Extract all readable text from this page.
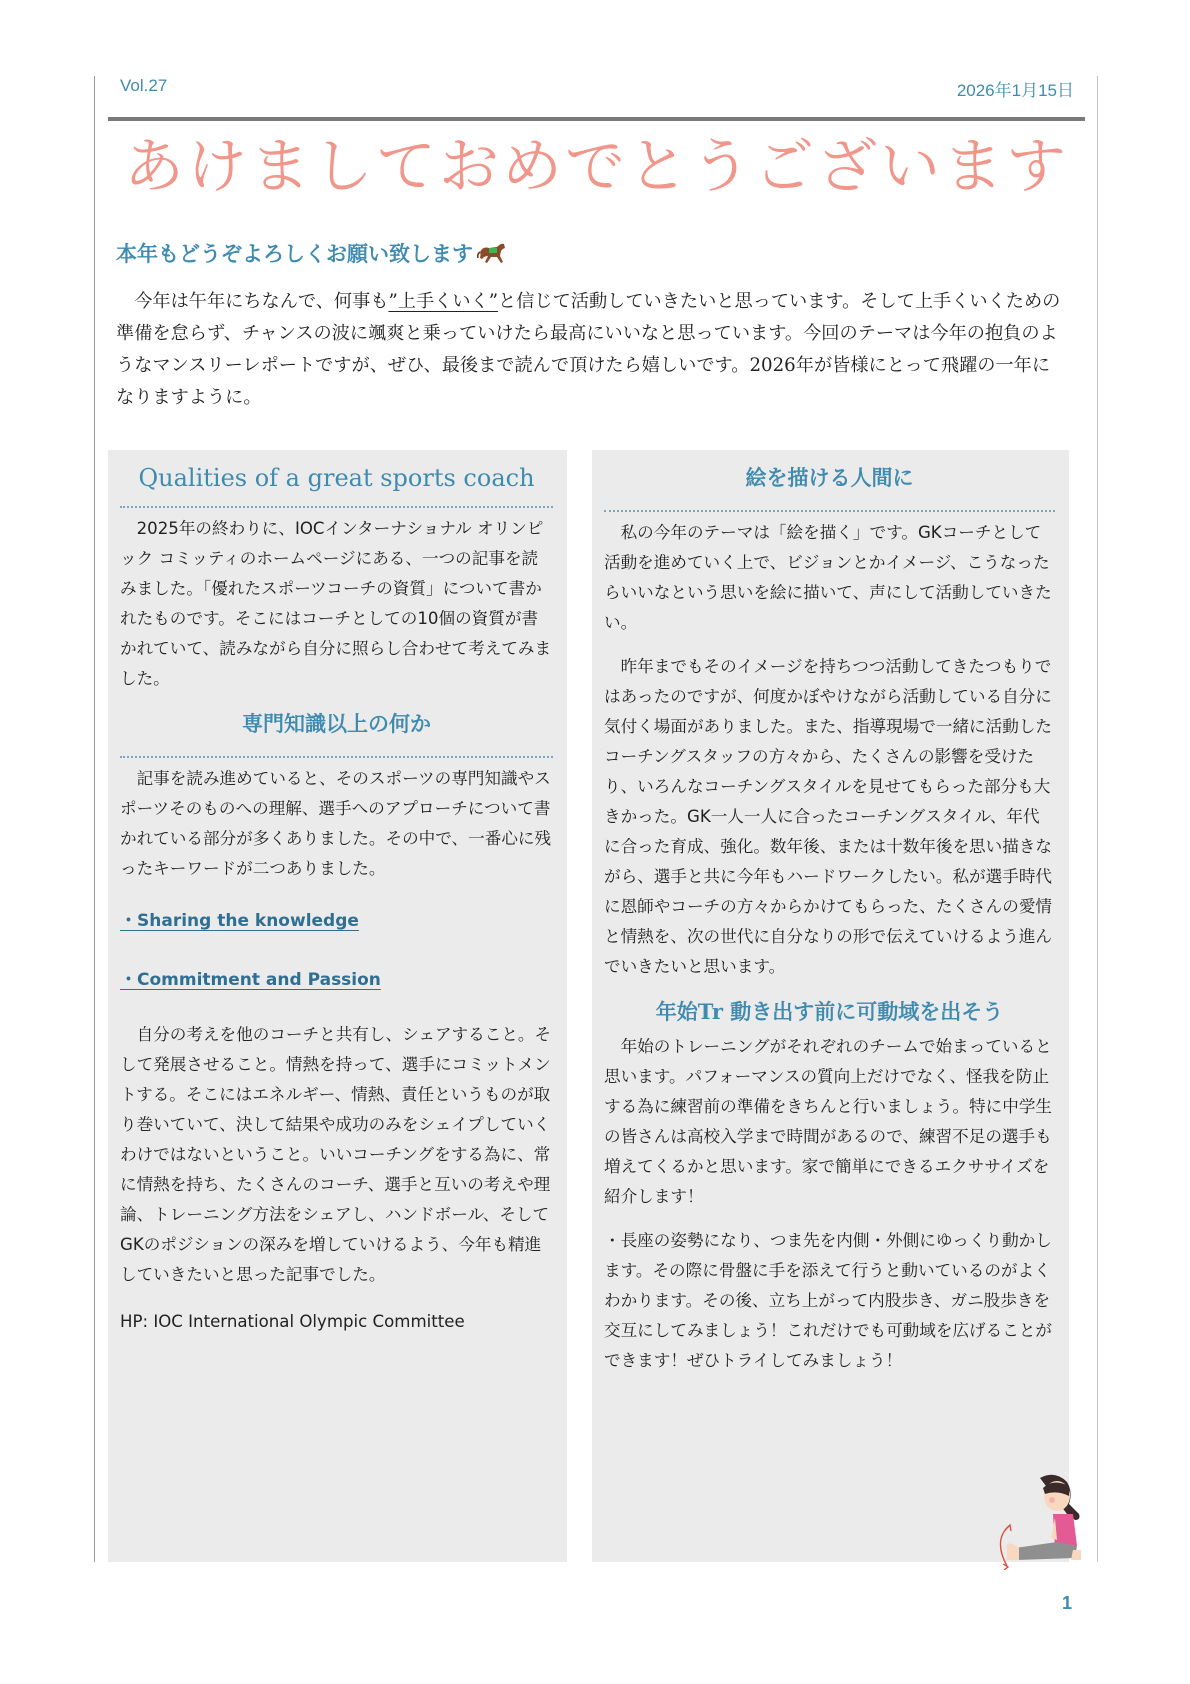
Vol.27	2026年1月15日
あけましておめでとうございます
本年もどうぞよろしくお願い致します
今年は午年にちなんで、何事も”上手くいく”と信じて活動していきたいと思っています。そして上手くいくための準備を怠らず、チャンスの波に颯爽と乗っていけたら最高にいいなと思っています。今回のテーマは今年の抱負のようなマンスリーレポートですが、ぜひ、最後まで読んで頂けたら嬉しいです。2026年が皆様にとって飛躍の一年になりますように。
Qualities of a great sports coach
2025年の終わりに、IOCインターナショナル オリンピック コミッティのホームページにある、一つの記事を読みました。「優れたスポーツコーチの資質」について書かれたものです。そこにはコーチとしての10個の資質が書かれていて、読みながら自分に照らし合わせて考えてみました。
専門知識以上の何か
記事を読み進めていると、そのスポーツの専門知識やスポーツそのものへの理解、選手へのアプローチについて書かれている部分が多くありました。その中で、一番心に残ったキーワードが二つありました。
・Sharing the knowledge
・Commitment and Passion
自分の考えを他のコーチと共有し、シェアすること。そして発展させること。情熱を持って、選手にコミットメントする。そこにはエネルギー、情熱、責任というものが取り巻いていて、決して結果や成功のみをシェイプしていくわけではないということ。いいコーチングをする為に、常に情熱を持ち、たくさんのコーチ、選手と互いの考えや理論、トレーニング方法をシェアし、ハンドボール、そしてGKのポジションの深みを増していけるよう、今年も精進していきたいと思った記事でした。
HP: IOC International Olympic Committee
絵を描ける人間に
私の今年のテーマは「絵を描く」です。GKコーチとして活動を進めていく上で、ビジョンとかイメージ、こうなったらいいなという思いを絵に描いて、声にして活動していきたい。
昨年までもそのイメージを持ちつつ活動してきたつもりではあったのですが、何度かぼやけながら活動している自分に気付く場面がありました。また、指導現場で一緒に活動したコーチングスタッフの方々から、たくさんの影響を受けたり、いろんなコーチングスタイルを見せてもらった部分も大きかった。GK一人一人に合ったコーチングスタイル、年代に合った育成、強化。数年後、または十数年後を思い描きながら、選手と共に今年もハードワークしたい。私が選手時代に恩師やコーチの方々からかけてもらった、たくさんの愛情と情熱を、次の世代に自分なりの形で伝えていけるよう進んでいきたいと思います。
年始Tr 動き出す前に可動域を出そう
年始のトレーニングがそれぞれのチームで始まっていると思います。パフォーマンスの質向上だけでなく、怪我を防止する為に練習前の準備をきちんと行いましょう。特に中学生の皆さんは高校入学まで時間があるので、練習不足の選手も増えてくるかと思います。家で簡単にできるエクササイズを紹介します！
・長座の姿勢になり、つま先を内側・外側にゆっくり動かします。その際に骨盤に手を添えて行うと動いているのがよくわかります。その後、立ち上がって内股歩き、ガニ股歩きを交互にしてみましょう！これだけでも可動域を広げることができます！ぜひトライしてみましょう！
1
